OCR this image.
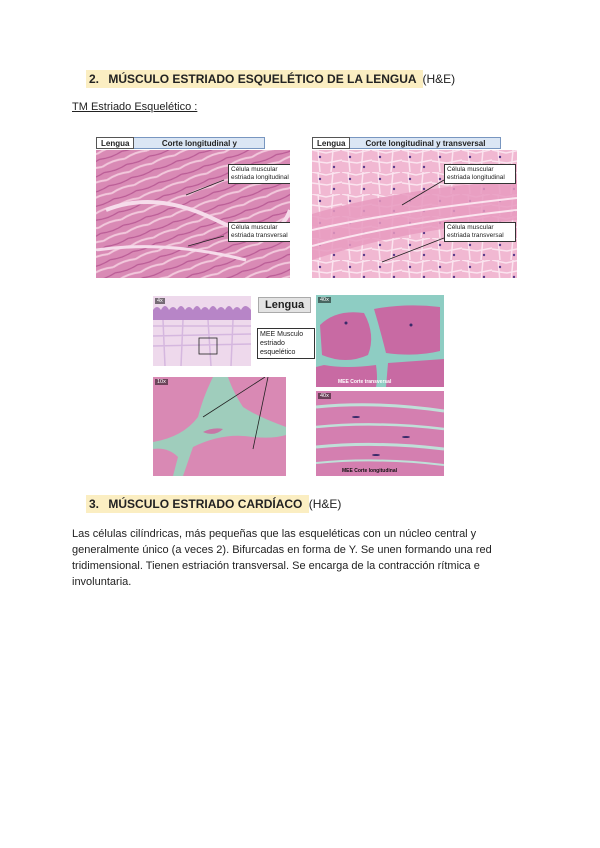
2. MÚSCULO ESTRIADO ESQUELÉTICO DE LA LENGUA (H&E)
TM Estriado Esquelético :
Lengua	Corte longitudinal y
Célula muscular estriada longitudinal
Célula muscular estriada transversal
Lengua	Corte longitudinal y transversal
Célula muscular estriada longitudinal
Célula muscular estriada transversal
4x	Lengua
MEE Musculo estriado esquelético
10x
40x
MEE Corte transversal
40x
MEE Corte longitudinal
3. MÚSCULO ESTRIADO CARDÍACO (H&E)
Las células cilíndricas, más pequeñas que las esqueléticas con un núcleo central y generalmente único (a veces 2). Bifurcadas en forma de Y. Se unen formando una red tridimensional. Tienen estriación transversal. Se encarga de la contracción rítmica e involuntaria.
